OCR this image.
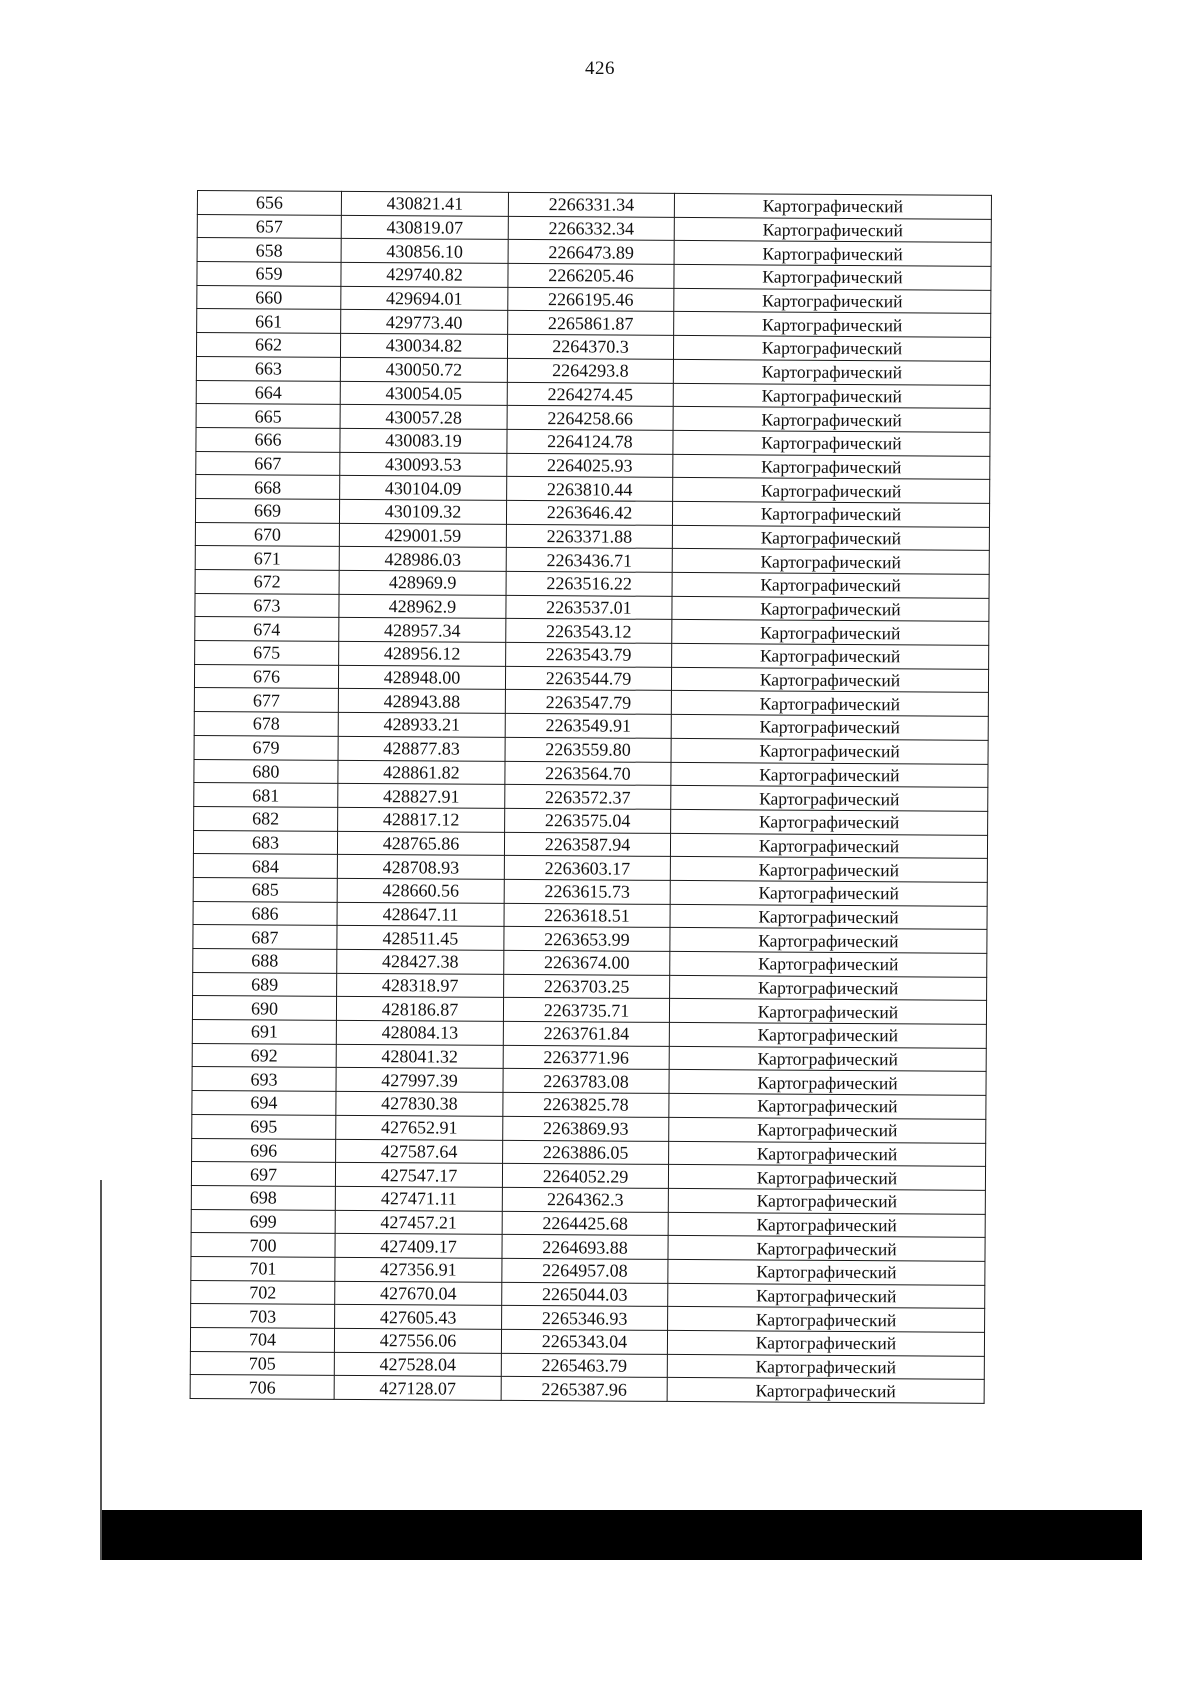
426
656	430821.41	2266331.34	Картографический
657	430819.07	2266332.34	Картографический
658	430856.10	2266473.89	Картографический
659	429740.82	2266205.46	Картографический
660	429694.01	2266195.46	Картографический
661	429773.40	2265861.87	Картографический
662	430034.82	2264370.3	Картографический
663	430050.72	2264293.8	Картографический
664	430054.05	2264274.45	Картографический
665	430057.28	2264258.66	Картографический
666	430083.19	2264124.78	Картографический
667	430093.53	2264025.93	Картографический
668	430104.09	2263810.44	Картографический
669	430109.32	2263646.42	Картографический
670	429001.59	2263371.88	Картографический
671	428986.03	2263436.71	Картографический
672	428969.9	2263516.22	Картографический
673	428962.9	2263537.01	Картографический
674	428957.34	2263543.12	Картографический
675	428956.12	2263543.79	Картографический
676	428948.00	2263544.79	Картографический
677	428943.88	2263547.79	Картографический
678	428933.21	2263549.91	Картографический
679	428877.83	2263559.80	Картографический
680	428861.82	2263564.70	Картографический
681	428827.91	2263572.37	Картографический
682	428817.12	2263575.04	Картографический
683	428765.86	2263587.94	Картографический
684	428708.93	2263603.17	Картографический
685	428660.56	2263615.73	Картографический
686	428647.11	2263618.51	Картографический
687	428511.45	2263653.99	Картографический
688	428427.38	2263674.00	Картографический
689	428318.97	2263703.25	Картографический
690	428186.87	2263735.71	Картографический
691	428084.13	2263761.84	Картографический
692	428041.32	2263771.96	Картографический
693	427997.39	2263783.08	Картографический
694	427830.38	2263825.78	Картографический
695	427652.91	2263869.93	Картографический
696	427587.64	2263886.05	Картографический
697	427547.17	2264052.29	Картографический
698	427471.11	2264362.3	Картографический
699	427457.21	2264425.68	Картографический
700	427409.17	2264693.88	Картографический
701	427356.91	2264957.08	Картографический
702	427670.04	2265044.03	Картографический
703	427605.43	2265346.93	Картографический
704	427556.06	2265343.04	Картографический
705	427528.04	2265463.79	Картографический
706	427128.07	2265387.96	Картографический
